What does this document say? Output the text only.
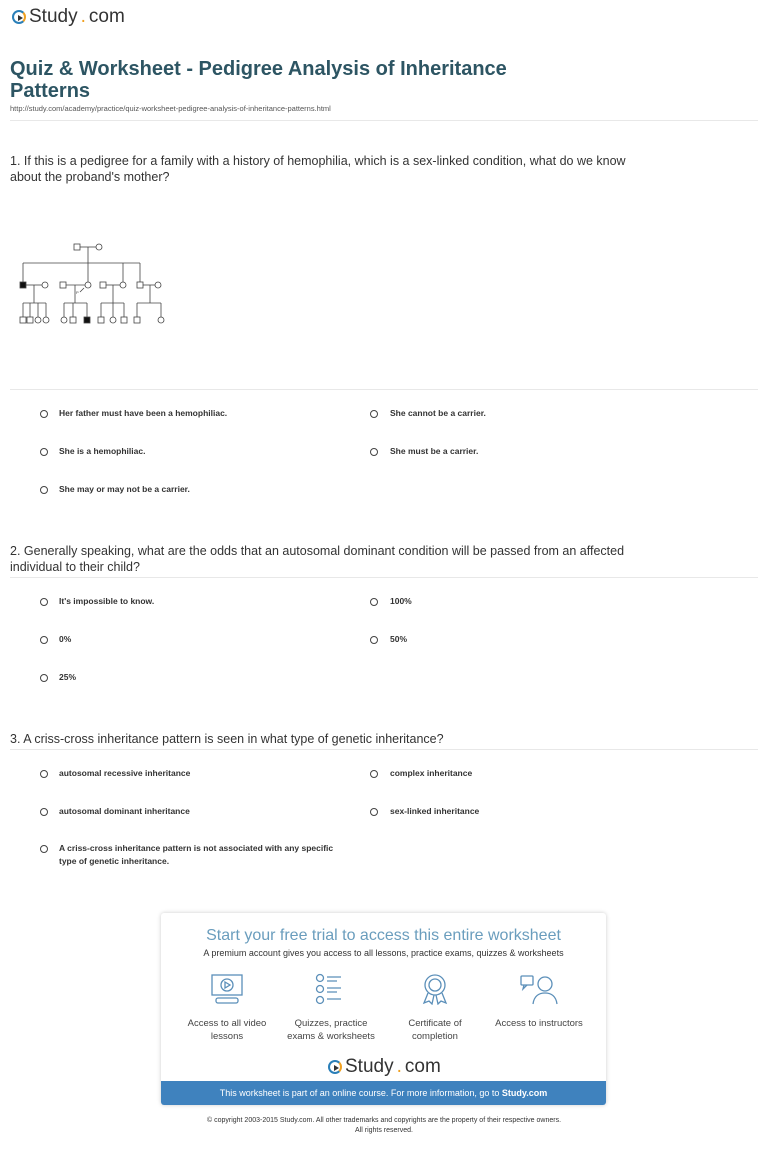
Study . com
Quiz & Worksheet - Pedigree Analysis of Inheritance Patterns
http://study.com/academy/practice/quiz-worksheet-pedigree-analysis-of-inheritance-patterns.html
1. If this is a pedigree for a family with a history of hemophilia, which is a sex-linked condition, what do we know about the proband's mother?
P
Her father must have been a hemophiliac.	She cannot be a carrier.
She is a hemophiliac.	She must be a carrier.
She may or may not be a carrier.
2. Generally speaking, what are the odds that an autosomal dominant condition will be passed from an affected individual to their child?
It's impossible to know.	100%
0%	50%
25%
3. A criss-cross inheritance pattern is seen in what type of genetic inheritance?
autosomal recessive inheritance	complex inheritance
autosomal dominant inheritance	sex-linked inheritance
A criss-cross inheritance pattern is not associated with any specific type of genetic inheritance.
Start your free trial to access this entire worksheet
A premium account gives you access to all lessons, practice exams, quizzes & worksheets
Access to all video lessons
Quizzes, practice exams & worksheets
Certificate of completion
Access to instructors
Study . com
This worksheet is part of an online course. For more information, go to Study.com
© copyright 2003-2015 Study.com. All other trademarks and copyrights are the property of their respective owners.
All rights reserved.
